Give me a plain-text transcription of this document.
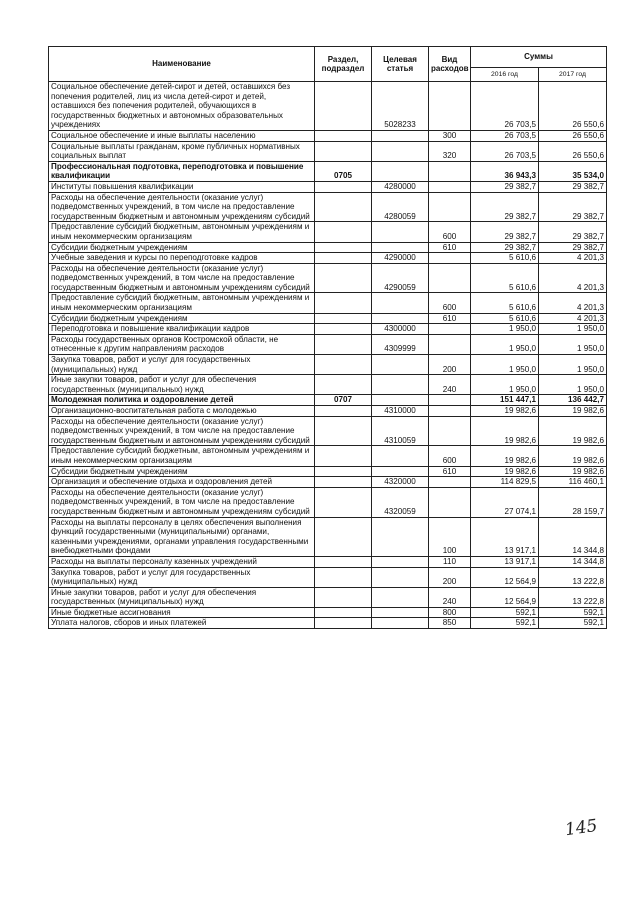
Наименование	Раздел, подраздел	Целевая статья	Вид расходов	Суммы	
				2016 год	2017 год
Социальное обеспечение детей-сирот и детей, оставшихся без попечения родителей, лиц из числа детей-сирот и детей, оставшихся без попечения родителей, обучающихся в государственных бюджетных и автономных образовательных учреждениях		5028233		26 703,5	26 550,6
Социальное обеспечение и иные выплаты населению			300	26 703,5	26 550,6
Социальные выплаты гражданам, кроме публичных нормативных социальных выплат			320	26 703,5	26 550,6
Профессиональная подготовка, переподготовка и повышение квалификации	0705			36 943,3	35 534,0
Институты повышения квалификации		4280000		29 382,7	29 382,7
Расходы на обеспечение деятельности (оказание услуг) подведомственных учреждений, в том числе на предоставление государственным бюджетным и автономным учреждениям субсидий		4280059		29 382,7	29 382,7
Предоставление субсидий бюджетным, автономным учреждениям и иным некоммерческим организациям			600	29 382,7	29 382,7
Субсидии бюджетным учреждениям			610	29 382,7	29 382,7
Учебные заведения и курсы по переподготовке кадров		4290000		5 610,6	4 201,3
Расходы на обеспечение деятельности (оказание услуг) подведомственных учреждений, в том числе на предоставление государственным бюджетным и автономным учреждениям субсидий		4290059		5 610,6	4 201,3
Предоставление субсидий бюджетным, автономным учреждениям и иным некоммерческим организациям			600	5 610,6	4 201,3
Субсидии бюджетным учреждениям			610	5 610,6	4 201,3
Переподготовка и повышение квалификации кадров		4300000		1 950,0	1 950,0
Расходы государственных органов Костромской области, не отнесенные к другим направлениям расходов		4309999		1 950,0	1 950,0
Закупка товаров, работ и услуг для государственных (муниципальных) нужд			200	1 950,0	1 950,0
Иные закупки товаров, работ и услуг для обеспечения государственных (муниципальных) нужд			240	1 950,0	1 950,0
Молодежная политика и оздоровление детей	0707			151 447,1	136 442,7
Организационно-воспитательная работа с молодежью		4310000		19 982,6	19 982,6
Расходы на обеспечение деятельности (оказание услуг) подведомственных учреждений, в том числе на предоставление государственным бюджетным и автономным учреждениям субсидий		4310059		19 982,6	19 982,6
Предоставление субсидий бюджетным, автономным учреждениям и иным некоммерческим организациям			600	19 982,6	19 982,6
Субсидии бюджетным учреждениям			610	19 982,6	19 982,6
Организация и обеспечение отдыха и оздоровления детей		4320000		114 829,5	116 460,1
Расходы на обеспечение деятельности (оказание услуг) подведомственных учреждений, в том числе на предоставление государственным бюджетным и автономным учреждениям субсидий		4320059		27 074,1	28 159,7
Расходы на выплаты персоналу в целях обеспечения выполнения функций государственными (муниципальными) органами, казенными учреждениями, органами управления государственными внебюджетными фондами			100	13 917,1	14 344,8
Расходы на выплаты персоналу казенных учреждений			110	13 917,1	14 344,8
Закупка товаров, работ и услуг для государственных (муниципальных) нужд			200	12 564,9	13 222,8
Иные закупки товаров, работ и услуг для обеспечения государственных (муниципальных) нужд			240	12 564,9	13 222,8
Иные бюджетные ассигнования			800	592,1	592,1
Уплата налогов, сборов и иных платежей			850	592,1	592,1
145
